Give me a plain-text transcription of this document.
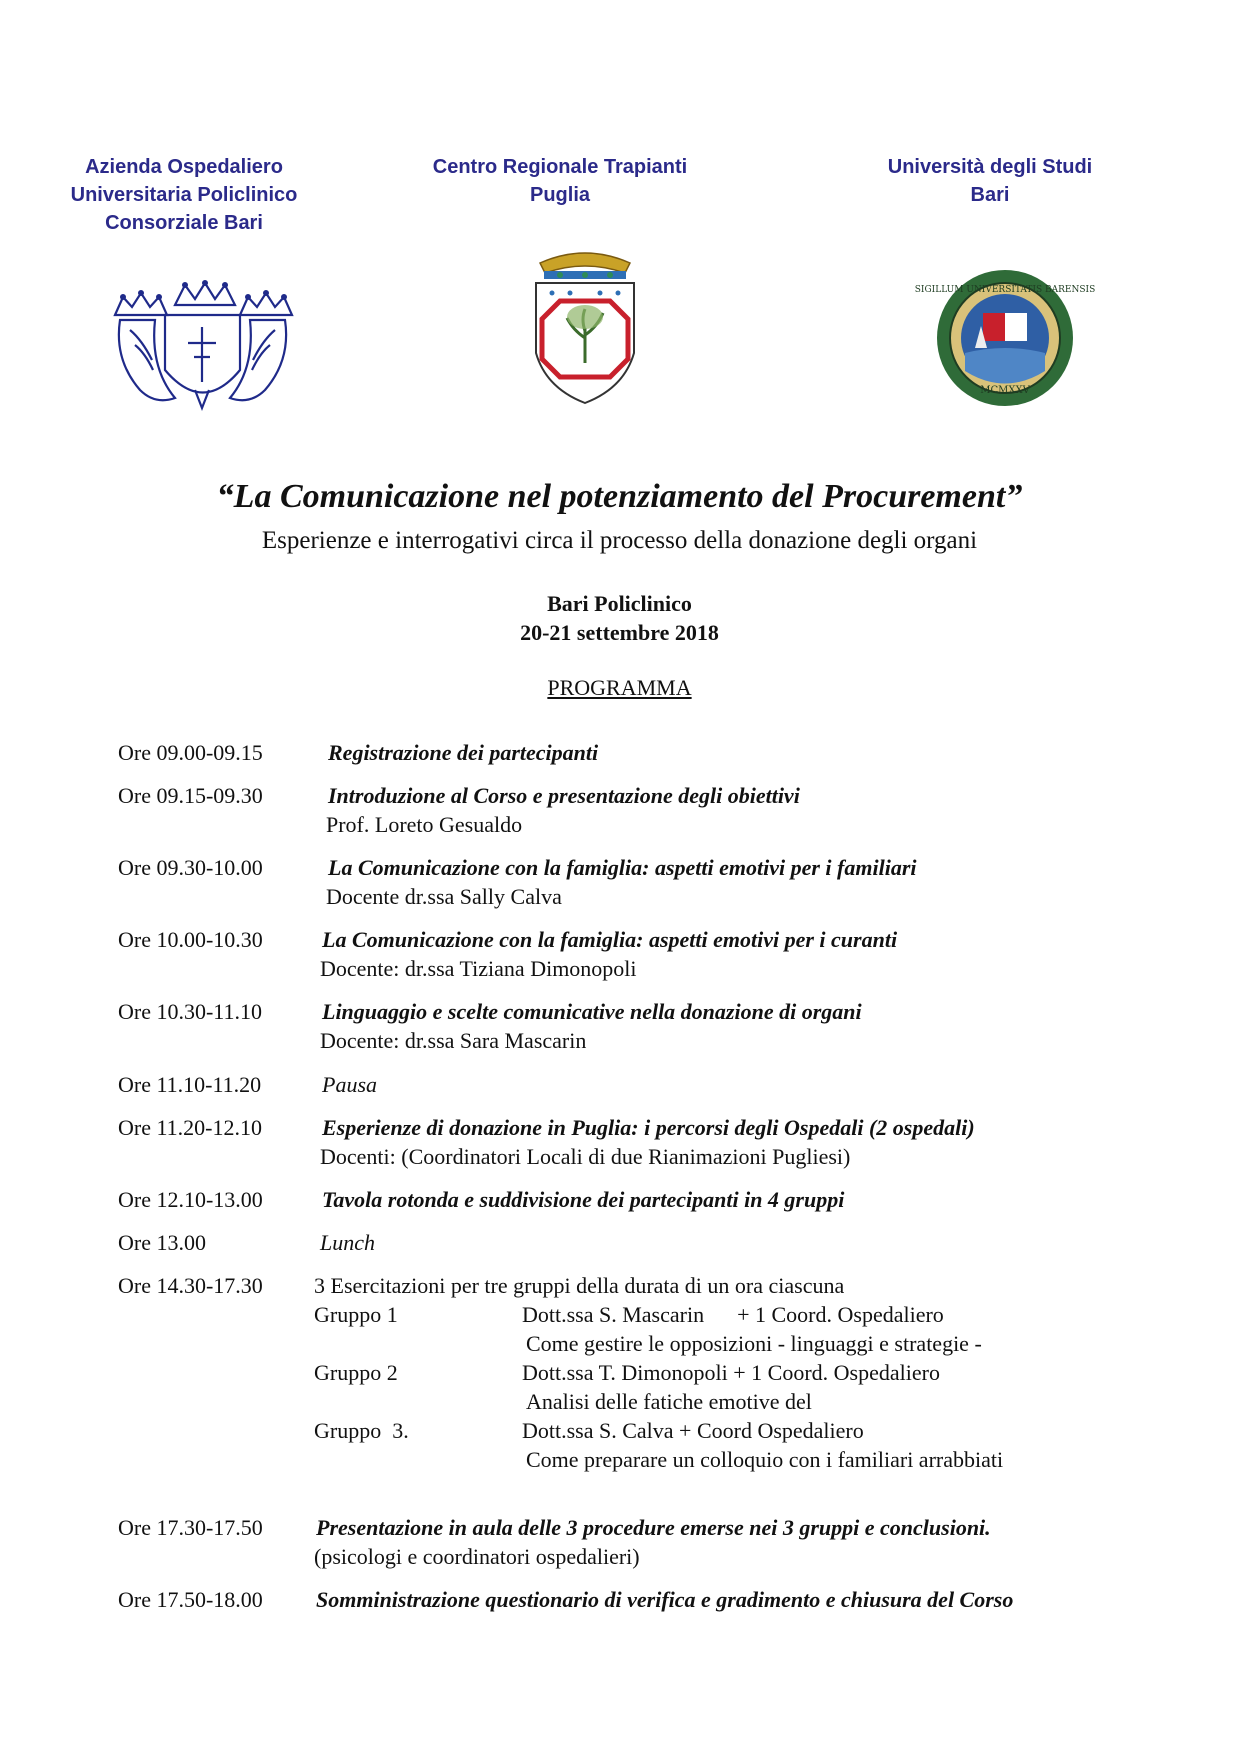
Azienda Ospedaliero
Universitaria Policlinico
Consorziale Bari
Centro Regionale Trapianti
Puglia
Università degli Studi
Bari
SIGILLUM UNIVERSITATIS BARENSIS
MCMXXV
“La Comunicazione nel potenziamento del Procurement”
Esperienze e interrogativi circa il processo della donazione degli organi
Bari Policlinico
20-21 settembre 2018
PROGRAMMA
Ore 09.00-09.15	Registrazione dei partecipanti
Ore 09.15-09.30	Introduzione al Corso e presentazione degli obiettivi
Prof. Loreto Gesualdo
Ore 09.30-10.00	La Comunicazione con la famiglia: aspetti emotivi per i familiari
Docente dr.ssa Sally Calva
Ore 10.00-10.30	La Comunicazione con la famiglia: aspetti emotivi per i curanti
Docente: dr.ssa Tiziana Dimonopoli
Ore 10.30-11.10	Linguaggio e scelte comunicative nella donazione di organi
Docente: dr.ssa Sara Mascarin
Ore 11.10-11.20	Pausa
Ore 11.20-12.10	Esperienze di donazione in Puglia: i percorsi degli Ospedali (2 ospedali)
Docenti: (Coordinatori Locali di due Rianimazioni Pugliesi)
Ore 12.10-13.00	Tavola rotonda e suddivisione dei partecipanti in 4 gruppi
Ore 13.00	Lunch
Ore 14.30-17.30 3 Esercitazioni per tre gruppi della durata di un ora ciascuna
Gruppo 1	Dott.ssa S. Mascarin      + 1 Coord. Ospedaliero
Come gestire le opposizioni - linguaggi e strategie -
Gruppo 2	Dott.ssa T. Dimonopoli + 1 Coord. Ospedaliero
Analisi delle fatiche emotive del
Gruppo  3.	Dott.ssa S. Calva + Coord Ospedaliero
Come preparare un colloquio con i familiari arrabbiati
Ore 17.30-17.50 Presentazione in aula delle 3 procedure emerse nei 3 gruppi e conclusioni.
(psicologi e coordinatori ospedalieri)
Ore 17.50-18.00 Somministrazione questionario di verifica e gradimento e chiusura del Corso
